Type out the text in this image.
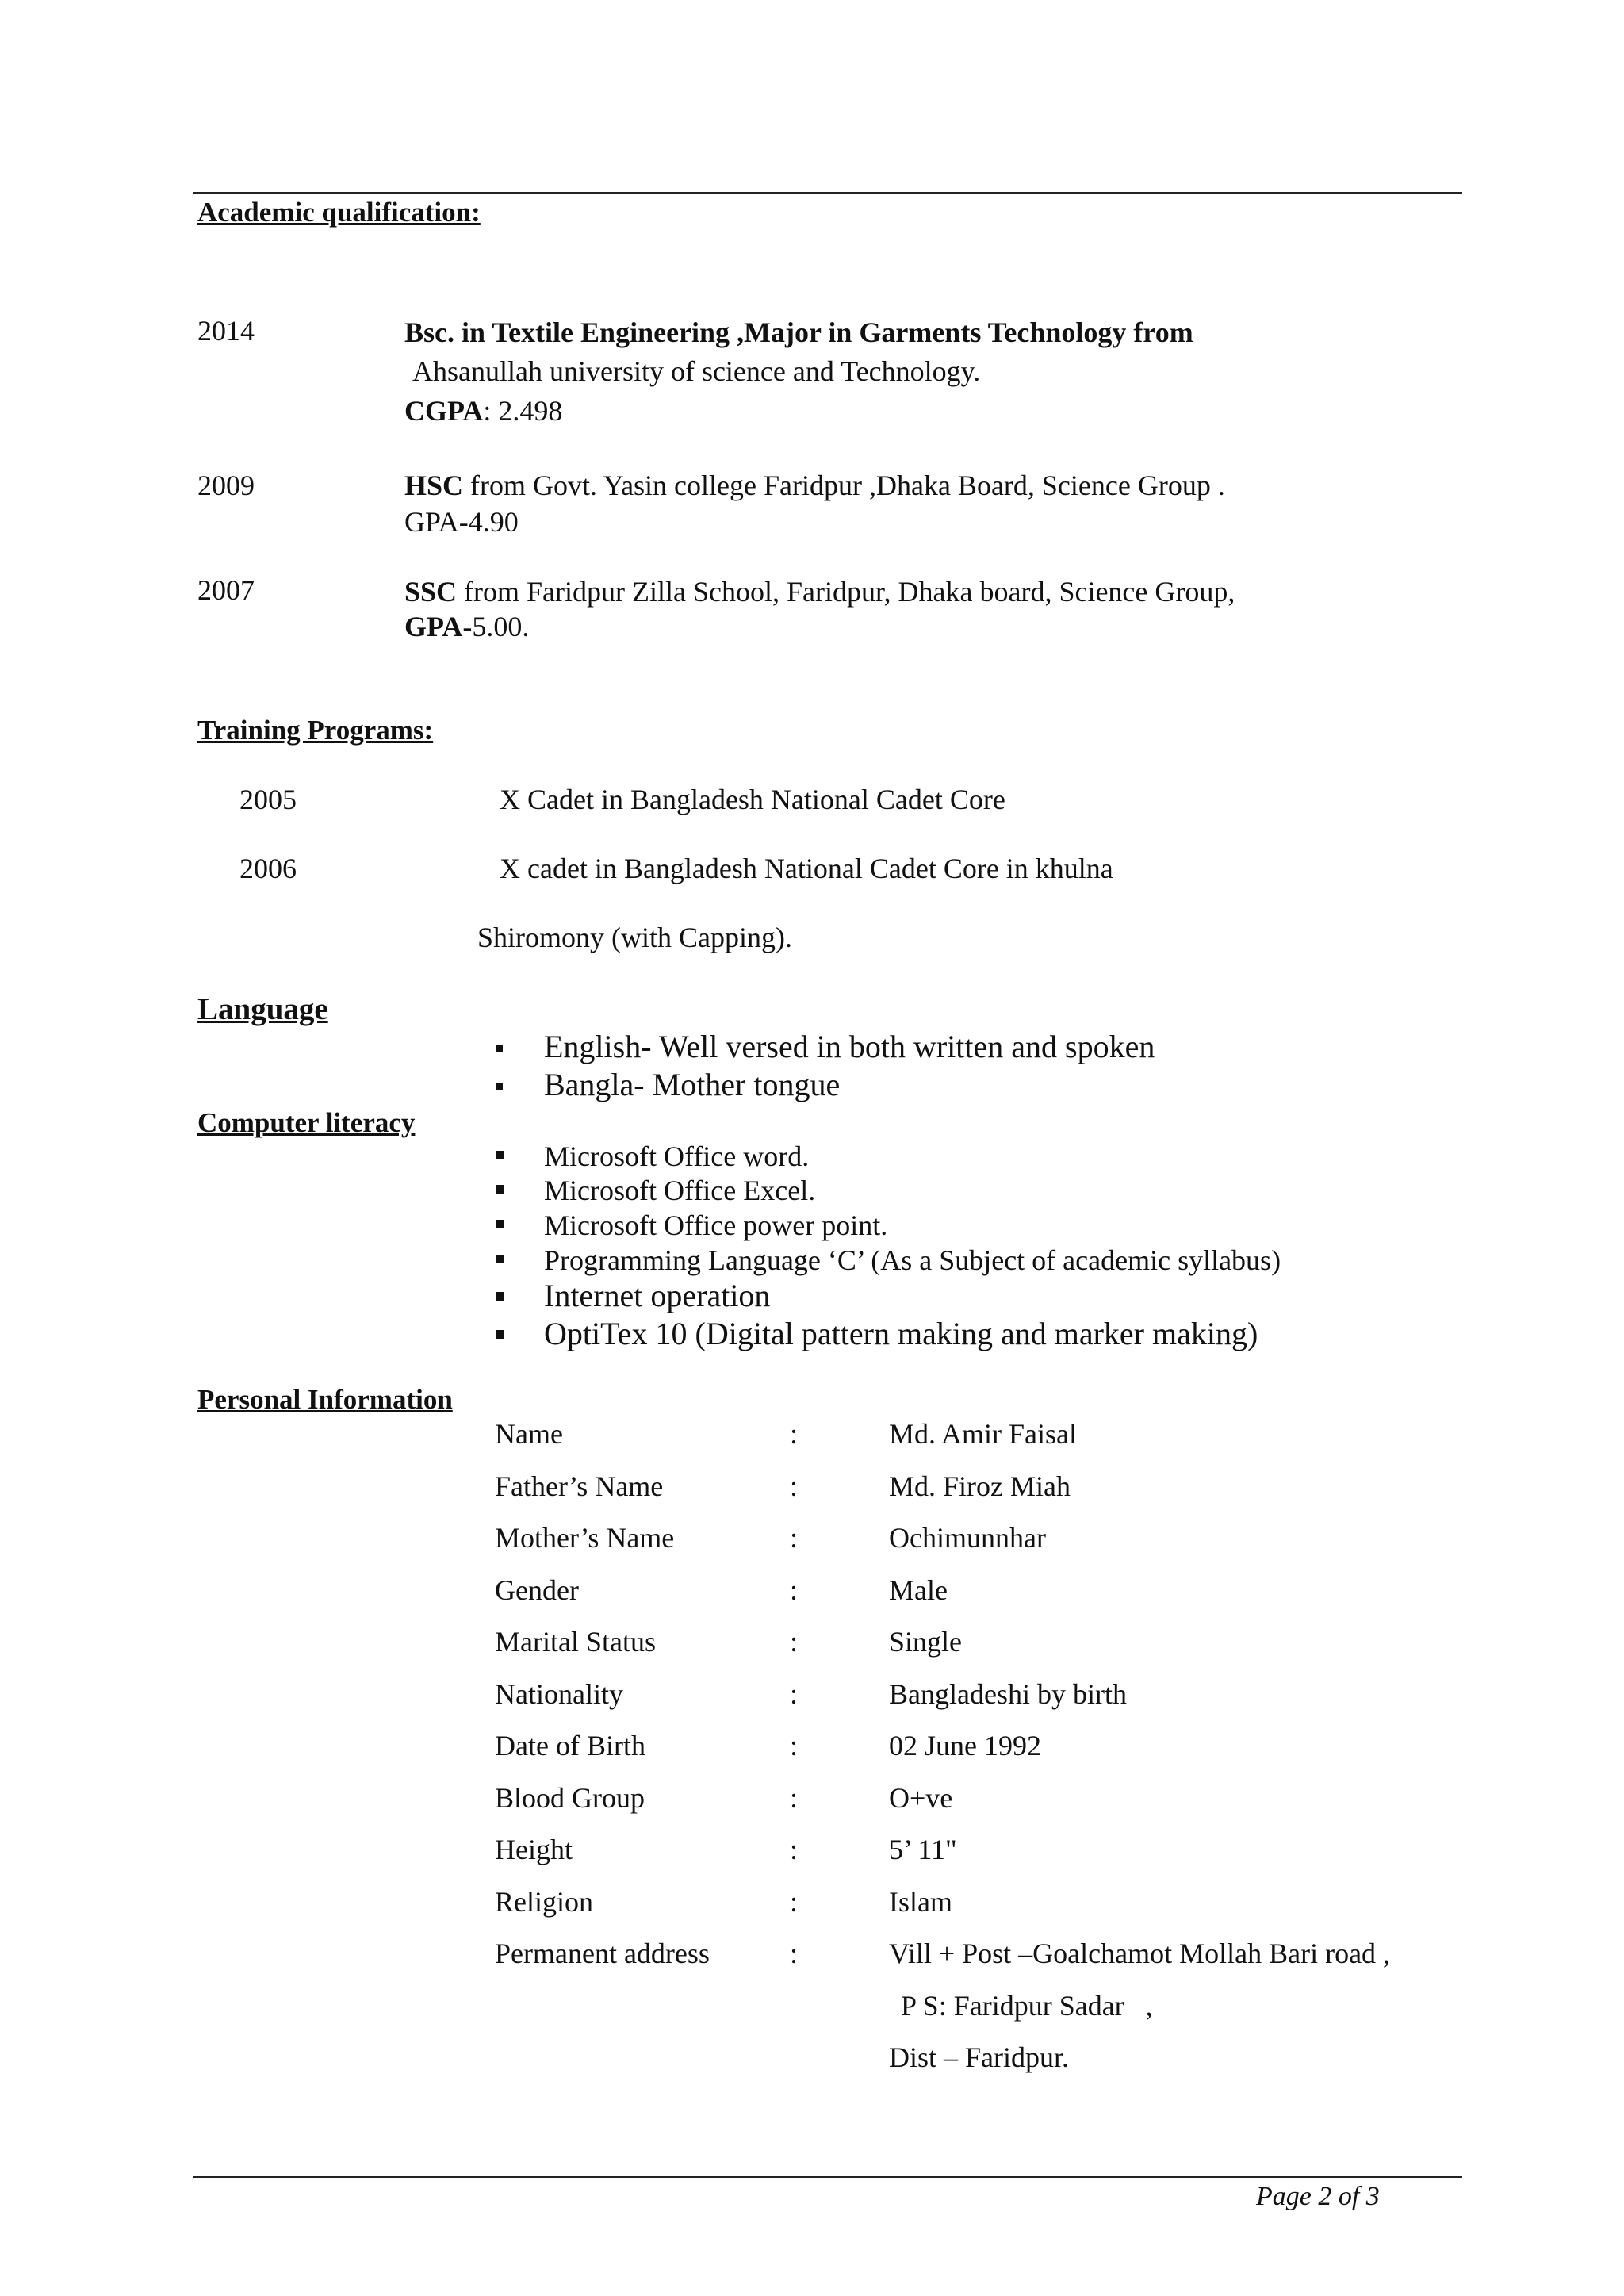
Academic qualification:
2014	Bsc. in Textile Engineering ,Major in Garments Technology from
Ahsanullah university of science and Technology.
CGPA: 2.498
2009	HSC from Govt. Yasin college Faridpur ,Dhaka Board, Science Group .
GPA-4.90
2007	SSC from Faridpur Zilla School, Faridpur, Dhaka board, Science Group,
GPA-5.00.
Training Programs:
2005	X Cadet in Bangladesh National Cadet Core
2006	X cadet in Bangladesh National Cadet Core in khulna
Shiromony (with Capping).
Language
English- Well versed in both written and spoken
Bangla- Mother tongue
Computer literacy
Microsoft Office word.
Microsoft Office Excel.
Microsoft Office power point.
Programming Language ‘C’ (As a Subject of academic syllabus)
Internet operation
OptiTex 10 (Digital pattern making and marker making)
Personal Information
Name	:	Md. Amir Faisal
Father’s Name	:	Md. Firoz Miah
Mother’s Name	:	Ochimunnhar
Gender	:	Male
Marital Status	:	Single
Nationality	:	Bangladeshi by birth
Date of Birth	:	02 June 1992
Blood Group	:	O+ve
Height	:	5’ 11"
Religion	:	Islam
Permanent address	:	Vill + Post –Goalchamot Mollah Bari road ,
P S: Faridpur Sadar   ,
Dist – Faridpur.
Page 2 of 3
